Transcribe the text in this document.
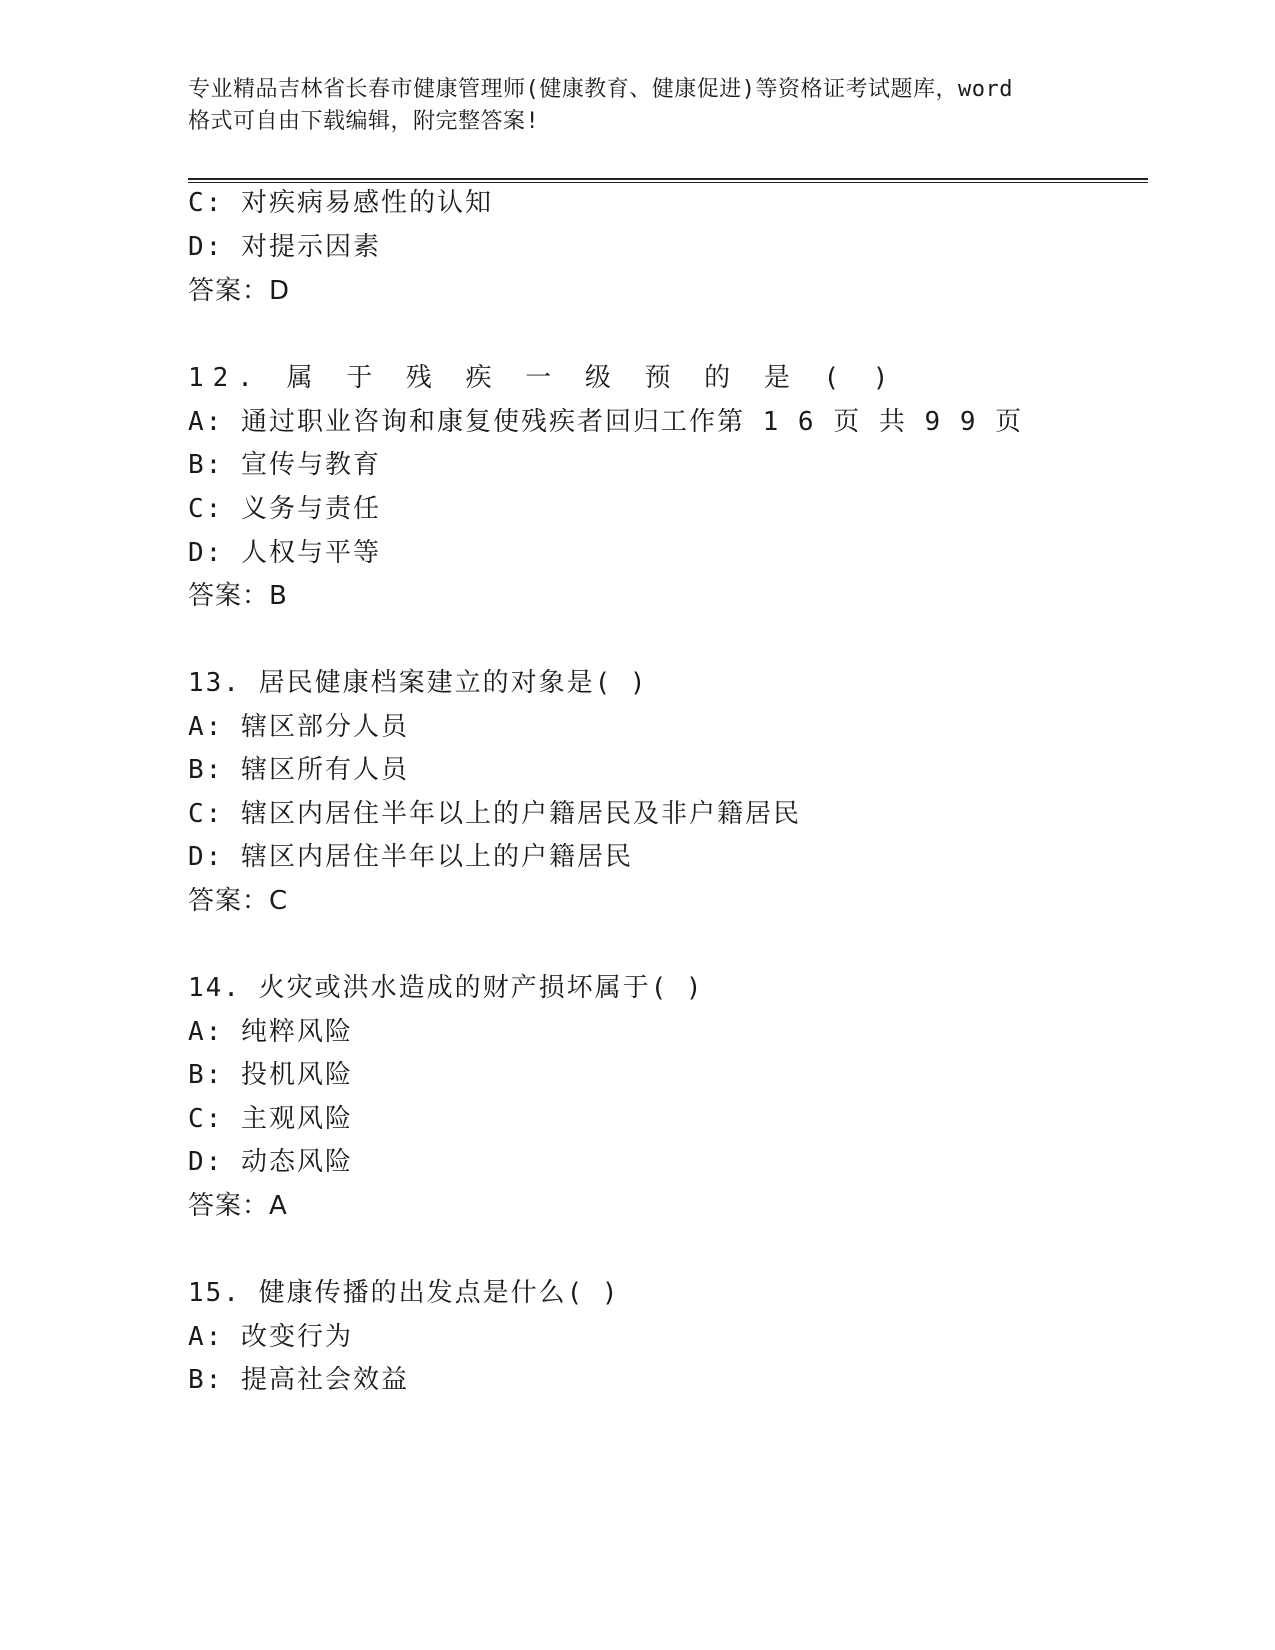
专业精品吉林省长春市健康管理师(健康教育、健康促进)等资格证考试题库，word
格式可自由下载编辑，附完整答案!
C: 对疾病易感性的认知
D: 对提示因素
答案：D
12. 属 于 残 疾 一 级 预 的 是 ( )
A: 通过职业咨询和康复使残疾者回归工作第 1 6 页 共 9 9 页
B: 宣传与教育
C: 义务与责任
D: 人权与平等
答案：B
13. 居民健康档案建立的对象是( )
A: 辖区部分人员
B: 辖区所有人员
C: 辖区内居住半年以上的户籍居民及非户籍居民
D: 辖区内居住半年以上的户籍居民
答案：C
14. 火灾或洪水造成的财产损坏属于( )
A: 纯粹风险
B: 投机风险
C: 主观风险
D: 动态风险
答案：A
15. 健康传播的出发点是什么( )
A: 改变行为
B: 提高社会效益
